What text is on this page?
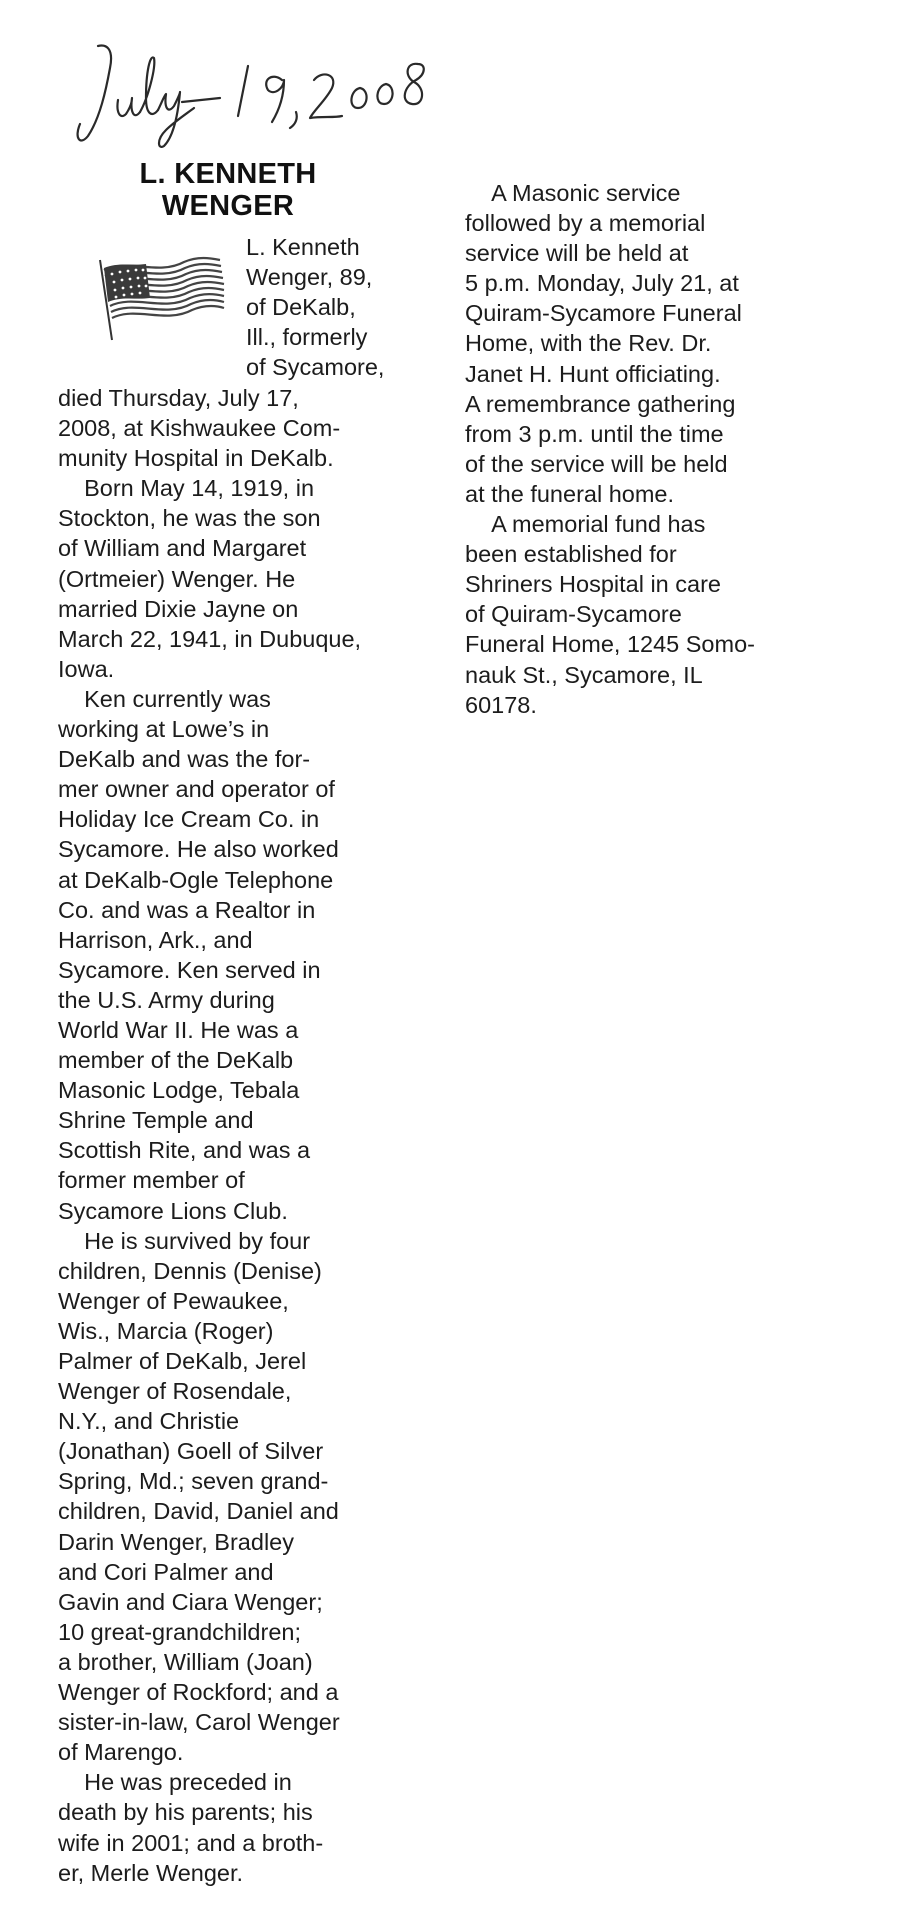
L. KENNETH
WENGER
L. Kenneth
Wenger, 89,
of DeKalb,
Ill., formerly
of Sycamore,
died Thursday, July 17,
2008, at Kishwaukee Com-
munity Hospital in DeKalb.
Born May 14, 1919, in
Stockton, he was the son
of William and Margaret
(Ortmeier) Wenger. He
married Dixie Jayne on
March 22, 1941, in Dubuque,
Iowa.
Ken currently was
working at Lowe’s in
DeKalb and was the for-
mer owner and operator of
Holiday Ice Cream Co. in
Sycamore. He also worked
at DeKalb-Ogle Telephone
Co. and was a Realtor in
Harrison, Ark., and
Sycamore. Ken served in
the U.S. Army during
World War II. He was a
member of the DeKalb
Masonic Lodge, Tebala
Shrine Temple and
Scottish Rite, and was a
former member of
Sycamore Lions Club.
He is survived by four
children, Dennis (Denise)
Wenger of Pewaukee,
Wis., Marcia (Roger)
Palmer of DeKalb, Jerel
Wenger of Rosendale,
N.Y., and Christie
(Jonathan) Goell of Silver
Spring, Md.; seven grand-
children, David, Daniel and
Darin Wenger, Bradley
and Cori Palmer and
Gavin and Ciara Wenger;
10 great-grandchildren;
a brother, William (Joan)
Wenger of Rockford; and a
sister-in-law, Carol Wenger
of Marengo.
He was preceded in
death by his parents; his
wife in 2001; and a broth-
er, Merle Wenger.
A Masonic service
followed by a memorial
service will be held at
5 p.m. Monday, July 21, at
Quiram-Sycamore Funeral
Home, with the Rev. Dr.
Janet H. Hunt officiating.
A remembrance gathering
from 3 p.m. until the time
of the service will be held
at the funeral home.
A memorial fund has
been established for
Shriners Hospital in care
of Quiram-Sycamore
Funeral Home, 1245 Somo-
nauk St., Sycamore, IL
60178.
